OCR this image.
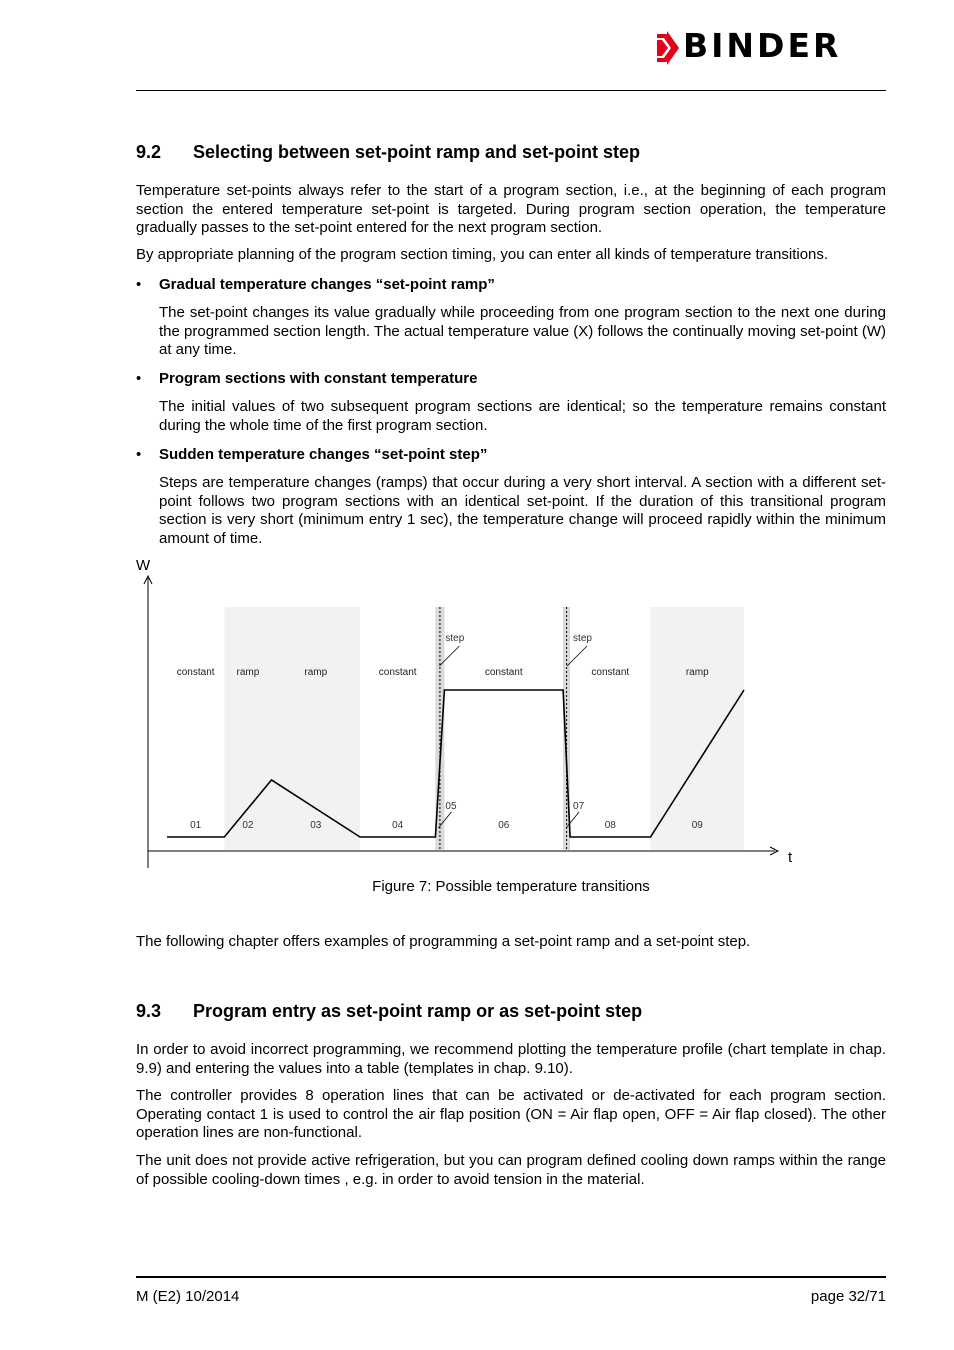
BINDER
9.2 Selecting between set-point ramp and set-point step

Temperature set-points always refer to the start of a program section, i.e., at the beginning of each program section the entered temperature set-point is targeted. During program section operation, the temperature gradually passes to the set-point entered for the next program section.

By appropriate planning of the program section timing, you can enter all kinds of temperature transitions.

• Gradual temperature changes “set-point ramp”

The set-point changes its value gradually while proceeding from one program section to the next one during the programmed section length. The actual temperature value (X) follows the continually moving set-point (W) at any time.

• Program sections with constant temperature

The initial values of two subsequent program sections are identical; so the temperature remains constant during the whole time of the first program section.

• Sudden temperature changes “set-point step”

Steps are temperature changes (ramps) that occur during a very short interval. A section with a different set-point follows two program sections with an identical set-point. If the duration of this transitional program section is very short (minimum entry 1 sec), the temperature change will proceed rapidly within the minimum amount of time.

W
t
01
constant
02
ramp
03
ramp
04
constant
05
step
06
constant
07
step
08
constant
09
ramp
Figure 7: Possible temperature transitions

The following chapter offers examples of programming a set-point ramp and a set-point step.

9.3 Program entry as set-point ramp or as set-point step

In order to avoid incorrect programming, we recommend plotting the temperature profile (chart template in chap. 9.9) and entering the values into a table (templates in chap. 9.10).

The controller provides 8 operation lines that can be activated or de-activated for each program section. Operating contact 1 is used to control the air flap position (ON = Air flap open, OFF = Air flap closed). The other operation lines are non-functional.

The unit does not provide active refrigeration, but you can program defined cooling down ramps within the range of possible cooling-down times , e.g. in order to avoid tension in the material.

M (E2) 10/2014	page 32/71
